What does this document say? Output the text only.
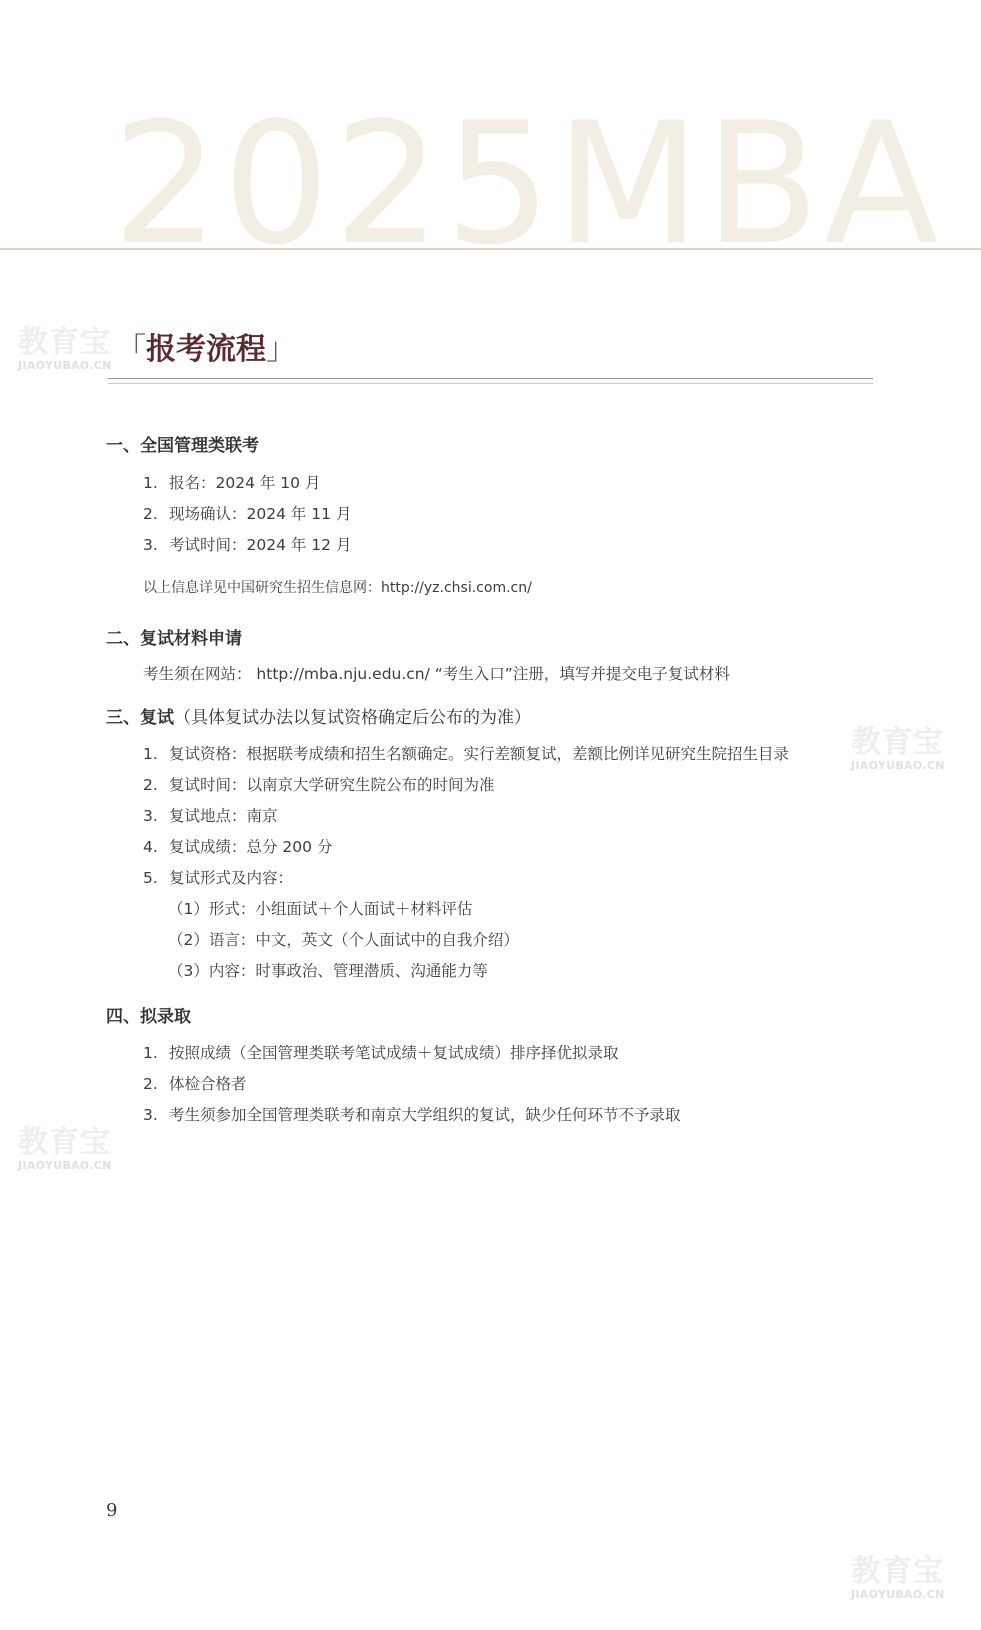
2025MBA
教育宝
JIAOYUBAO.CN
教育宝
JIAOYUBAO.CN
教育宝
JIAOYUBAO.CN
教育宝
JIAOYUBAO.CN
「报考流程」
一、全国管理类联考
1. 报名：2024 年 10 月
2. 现场确认：2024 年 11 月
3. 考试时间：2024 年 12 月
以上信息详见中国研究生招生信息网：http://yz.chsi.com.cn/
二、复试材料申请
考生须在网站： http://mba.nju.edu.cn/ “考生入口”注册，填写并提交电子复试材料
三、复试（具体复试办法以复试资格确定后公布的为准）
1. 复试资格：根据联考成绩和招生名额确定。实行差额复试，差额比例详见研究生院招生目录
2. 复试时间：以南京大学研究生院公布的时间为准
3. 复试地点：南京
4. 复试成绩：总分 200 分
5. 复试形式及内容：
（1）形式：小组面试＋个人面试＋材料评估
（2）语言：中文，英文（个人面试中的自我介绍）
（3）内容：时事政治、管理潜质、沟通能力等
四、拟录取
1. 按照成绩（全国管理类联考笔试成绩＋复试成绩）排序择优拟录取
2. 体检合格者
3. 考生须参加全国管理类联考和南京大学组织的复试，缺少任何环节不予录取
9
